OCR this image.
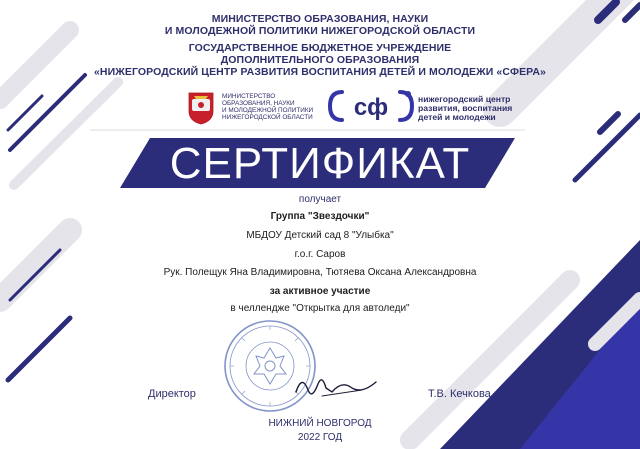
МИНИСТЕРСТВО ОБРАЗОВАНИЯ, НАУКИ
И МОЛОДЕЖНОЙ ПОЛИТИКИ НИЖЕГОРОДСКОЙ ОБЛАСТИ
ГОСУДАРСТВЕННОЕ БЮДЖЕТНОЕ УЧРЕЖДЕНИЕ
ДОПОЛНИТЕЛЬНОГО ОБРАЗОВАНИЯ
«НИЖЕГОРОДСКИЙ ЦЕНТР РАЗВИТИЯ ВОСПИТАНИЯ ДЕТЕЙ И МОЛОДЕЖИ «СФЕРА»
МИНИСТЕРСТВО
ОБРАЗОВАНИЯ, НАУКИ
И МОЛОДЕЖНОЙ ПОЛИТИКИ
НИЖЕГОРОДСКОЙ ОБЛАСТИ сф	нижегородский центр
развития, воспитания
детей и молодежи
СЕРТИФИКАТ
получает
Группа "Звездочки"
МБДОУ Детский сад 8 "Улыбка"
г.о.г. Саров
Рук. Полещук Яна Владимировна, Тютяева Оксана Александровна
за активное участие
в челлендже "Открытка для автоледи"
Директор	Т.В. Кечкова
НИЖНИЙ НОВГОРОД
2022 ГОД
